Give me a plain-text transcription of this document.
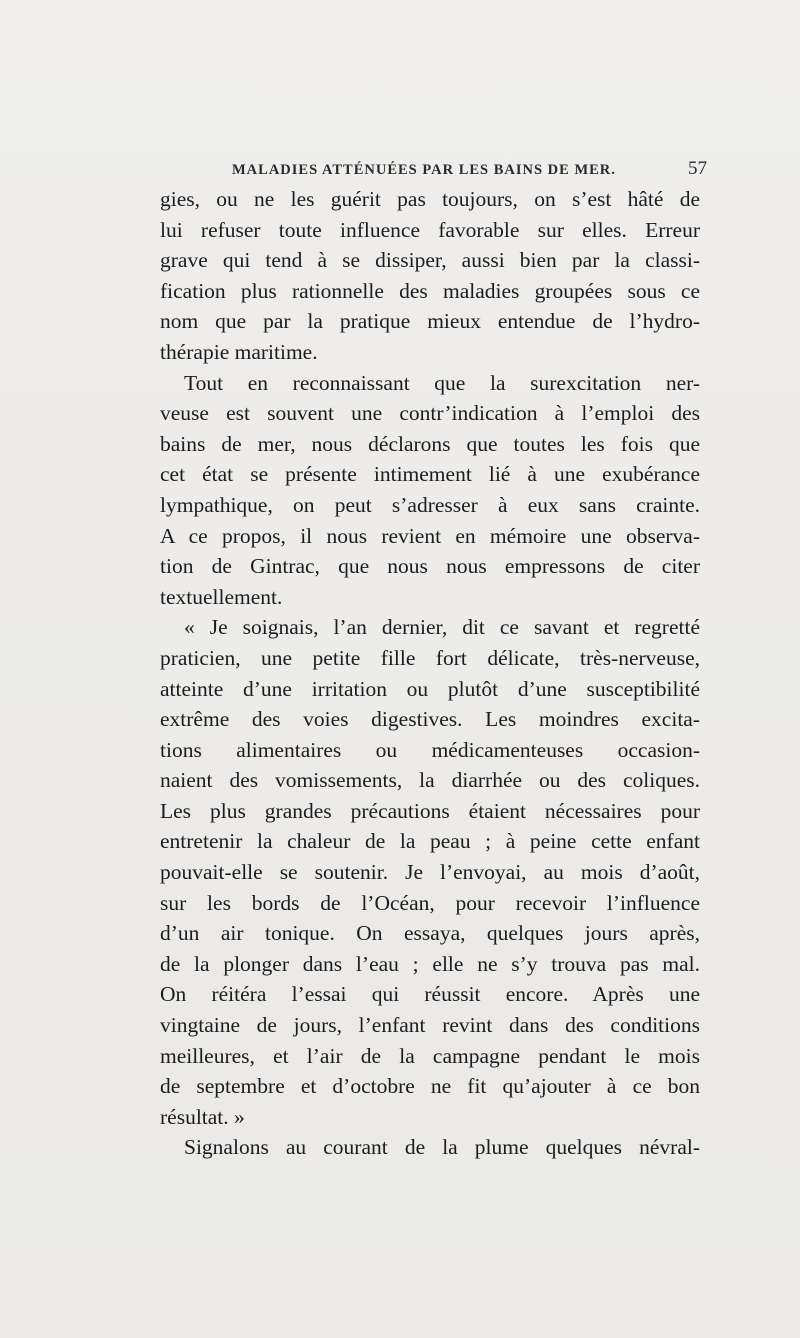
MALADIES ATTÉNUÉES PAR LES BAINS DE MER.	57
gies, ou ne les guérit pas toujours, on s’est hâté de
lui refuser toute influence favorable sur elles. Erreur
grave qui tend à se dissiper, aussi bien par la classi-
fication plus rationnelle des maladies groupées sous ce
nom que par la pratique mieux entendue de l’hydro-
thérapie maritime.
Tout en reconnaissant que la surexcitation ner-
veuse est souvent une contr’indication à l’emploi des
bains de mer, nous déclarons que toutes les fois que
cet état se présente intimement lié à une exubérance
lympathique, on peut s’adresser à eux sans crainte.
A ce propos, il nous revient en mémoire une observa-
tion de Gintrac, que nous nous empressons de citer
textuellement.
« Je soignais, l’an dernier, dit ce savant et regretté
praticien, une petite fille fort délicate, très-nerveuse,
atteinte d’une irritation ou plutôt d’une susceptibilité
extrême des voies digestives. Les moindres excita-
tions alimentaires ou médicamenteuses occasion-
naient des vomissements, la diarrhée ou des coliques.
Les plus grandes précautions étaient nécessaires pour
entretenir la chaleur de la peau ; à peine cette enfant
pouvait-elle se soutenir. Je l’envoyai, au mois d’août,
sur les bords de l’Océan, pour recevoir l’influence
d’un air tonique. On essaya, quelques jours après,
de la plonger dans l’eau ; elle ne s’y trouva pas mal.
On réitéra l’essai qui réussit encore. Après une
vingtaine de jours, l’enfant revint dans des conditions
meilleures, et l’air de la campagne pendant le mois
de septembre et d’octobre ne fit qu’ajouter à ce bon
résultat. »
Signalons au courant de la plume quelques névral-
